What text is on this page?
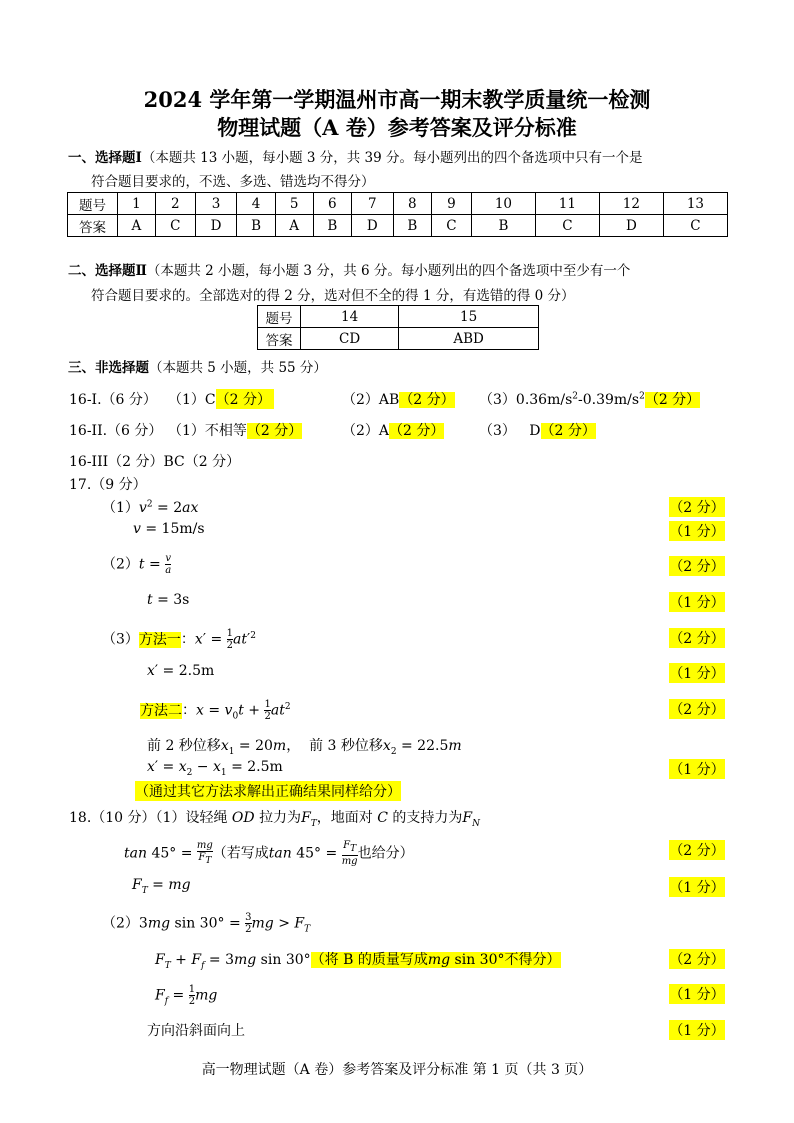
2024 学年第一学期温州市高一期末教学质量统一检测
物理试题（A 卷）参考答案及评分标准
一、选择题Ⅰ（本题共 13 小题，每小题 3 分，共 39 分。每小题列出的四个备选项中只有一个是
符合题目要求的，不选、多选、错选均不得分）
题号	1	2	3	4	5	6	7	8	9	10	11	12	13
答案	A	C	D	B	A	B	D	B	C	B	C	D	C
二、选择题Ⅱ（本题共 2 小题，每小题 3 分，共 6 分。每小题列出的四个备选项中至少有一个
符合题目要求的。全部选对的得 2 分，选对但不全的得 1 分，有选错的得 0 分）
题号	14	15
答案	CD	ABD
三、非选择题（本题共 5 小题，共 55 分）
16-I.（6 分） （1）C（2 分）	（2）AB（2 分） $(3)0.36m/s^2-0.39m/s^2(2$ 分）
16-II.（6 分） （1）不相等（2 分）	（2）A（2 分） （3） D（2 分）
16-III（2 分）BC（2 分）
17.（9 分）
$(1)v^2 = 2ax$	（2 分）
v = 15m/s	（1 分）
$(2)t = \frac{v}{a}$	（2 分）
t = 3s	（1 分）
（3）方法一：$x' = \frac{1}{2} at'^2$	（2 分）
x′ = 2.5m	（1 分）
方法二：$x = v_0t + \frac{1}{2} at^2$	（2 分）
前 2 秒位移$x_1 = 20m$，  前 3 秒位移$x_2 = 22.5m$
$x' = x_2 - x_1 = 2.5m$	（1 分）
（通过其它方法求解出正确结果同样给分）
18.（10 分）（1）设轻绳 OD 拉力为$F_T$，地面对 C 的支持力为$F_N$
$\tan 45^\circ = \frac{mg}{F_T}$ （若写成$\tan 45^\circ = \frac{F_T}{mg}$ 也给分）	（2 分）
$F_T$ = mg	（1 分）
（2）3mg $\sin 30^\circ = \frac{3}{2}$ mg > $F_T$
$F_T + F_f = 3mg$ sin 30°（将 B 的质量写成mg sin 30°不得分）	（2 分）
$F_f = \frac{1}{2}$ mg	（1 分）
方向沿斜面向上	（1 分）
高一物理试题（A 卷）参考答案及评分标准 第 1 页（共 3 页）
